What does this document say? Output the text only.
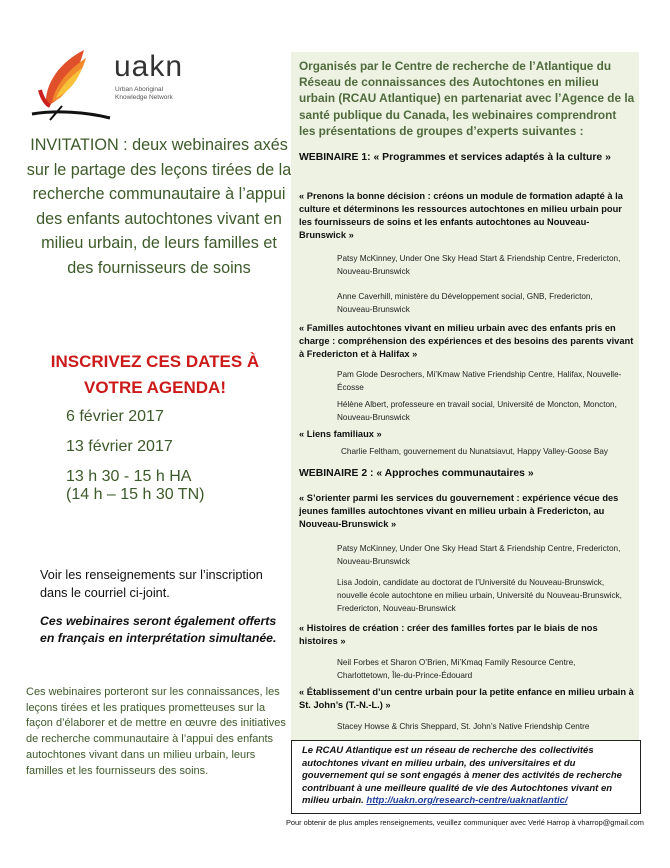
uakn
Urban Aboriginal
Knowledge Network
INVITATION : deux webinaires axés sur le partage des leçons tirées de la recherche communautaire à l’appui des enfants autochtones vivant en milieu urbain, de leurs familles et des fournisseurs de soins
INSCRIVEZ CES DATES À VOTRE AGENDA!
6 février 2017
13 février 2017
13 h 30 - 15 h HA
(14 h – 15 h 30 TN)
Voir les renseignements sur l’inscription dans le courriel ci-joint.
Ces webinaires seront également offerts en français en interprétation simultanée.
Ces webinaires porteront sur les connaissances, les leçons tirées et les pratiques prometteuses sur la façon d’élaborer et de mettre en œuvre des initiatives de recherche communautaire à l’appui des enfants autochtones vivant dans un milieu urbain, leurs familles et les fournisseurs des soins.
Organisés par le Centre de recherche de l’Atlantique du Réseau de connaissances des Autochtones en milieu urbain (RCAU Atlantique) en partenariat avec l’Agence de la santé publique du Canada, les webinaires comprendront les présentations de groupes d’experts suivantes :
WEBINAIRE 1: « Programmes et services adaptés à la culture »
« Prenons la bonne décision : créons un module de formation adapté à la culture et déterminons les ressources autochtones en milieu urbain pour les fournisseurs de soins et les enfants autochtones au Nouveau-Brunswick »
Patsy McKinney, Under One Sky Head Start & Friendship Centre, Fredericton, Nouveau-Brunswick
Anne Caverhill, ministère du Développement social, GNB, Fredericton, Nouveau-Brunswick
« Familles autochtones vivant en milieu urbain avec des enfants pris en charge : compréhension des expériences et des besoins des parents vivant à Fredericton et à Halifax »
Pam Glode Desrochers, Mi’Kmaw Native Friendship Centre, Halifax, Nouvelle-Écosse
Hélène Albert, professeure en travail social, Université de Moncton, Moncton, Nouveau-Brunswick
« Liens familiaux »
Charlie Feltham, gouvernement du Nunatsiavut, Happy Valley-Goose Bay
WEBINAIRE 2 : « Approches communautaires »
« S’orienter parmi les services du gouvernement : expérience vécue des jeunes familles autochtones vivant en milieu urbain à Fredericton, au Nouveau-Brunswick »
Patsy McKinney, Under One Sky Head Start & Friendship Centre, Fredericton, Nouveau-Brunswick
Lisa Jodoin, candidate au doctorat de l’Université du Nouveau-Brunswick, nouvelle école autochtone en milieu urbain, Université du Nouveau-Brunswick, Fredericton, Nouveau-Brunswick
« Histoires de création : créer des familles fortes par le biais de nos histoires »
Neil Forbes et Sharon O’Brien, Mi’Kmaq Family Resource Centre, Charlottetown, Île-du-Prince-Édouard
« Établissement d’un centre urbain pour la petite enfance en milieu urbain à St. John’s (T.-N.-L.) »
Stacey Howse & Chris Sheppard, St. John’s Native Friendship Centre
Le RCAU Atlantique est un réseau de recherche des collectivités autochtones vivant en milieu urbain, des universitaires et du gouvernement qui se sont engagés à mener des activités de recherche contribuant à une meilleure qualité de vie des Autochtones vivant en milieu urbain. http://uakn.org/research-centre/uaknatlantic/
Pour obtenir de plus amples renseignements, veuillez communiquer avec Verlé Harrop à vharrop@gmail.com
